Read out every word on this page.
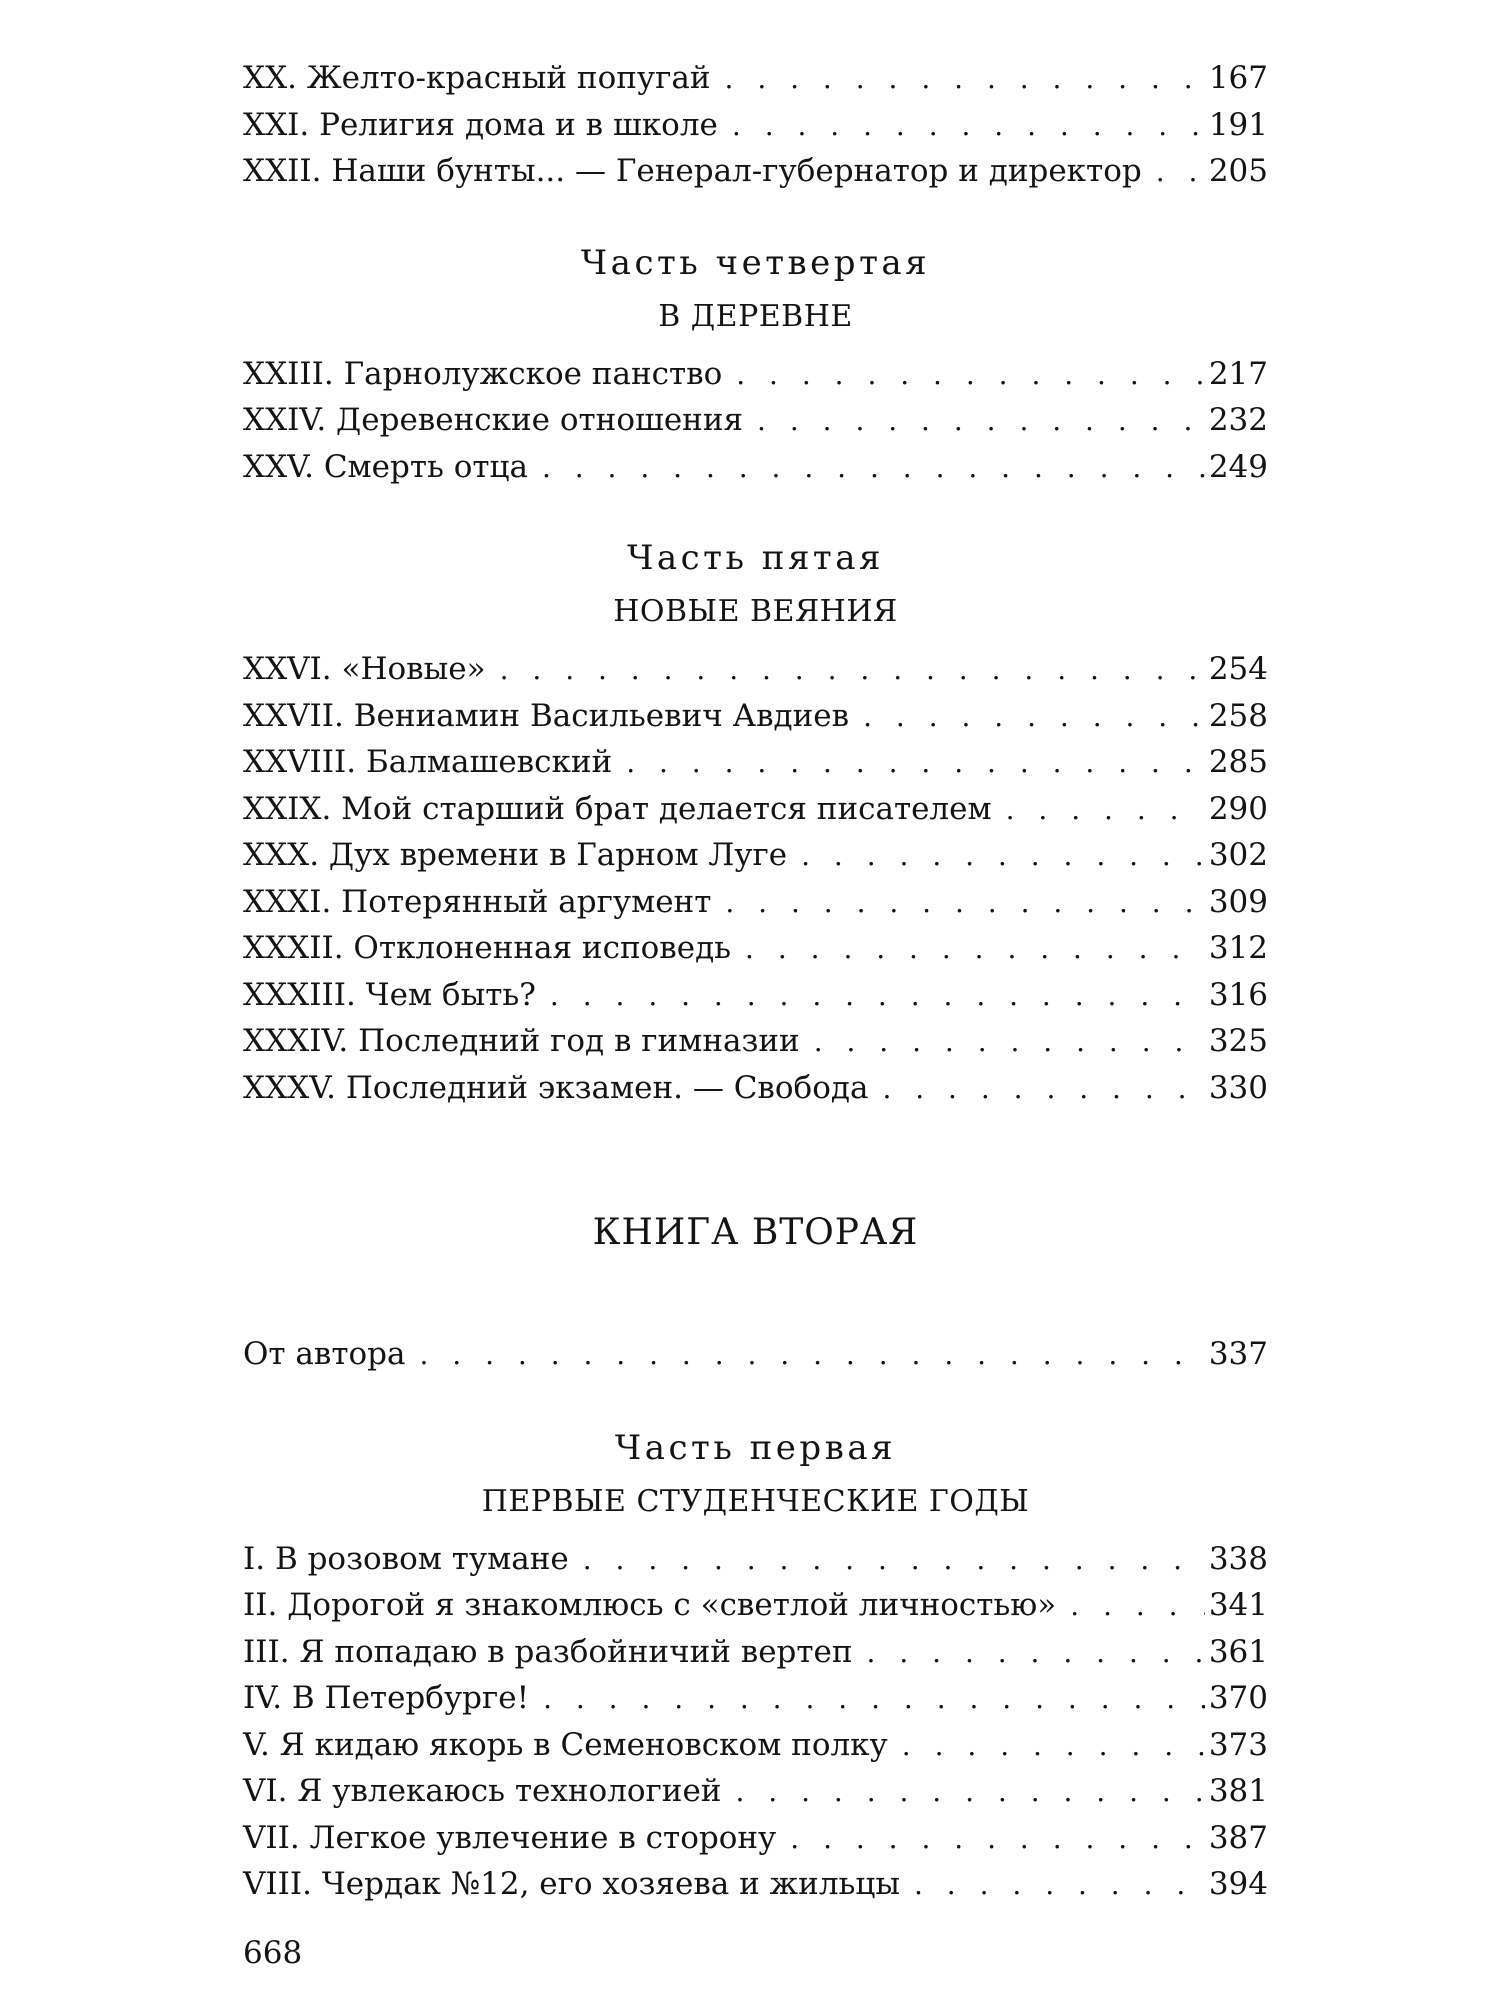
XX. Желто-красный попугай . . .	167
XXI. Религия дома и в школе . . .	191
XXII. Наши бунты... — Генерал-губернатор и директор . . .	205
Часть четвертая
В ДЕРЕВНЕ
XXIII. Гарнолужское панство . . .	217
XXIV. Деревенские отношения . . .	232
XXV. Смерть отца . . .	249
Часть пятая
НОВЫЕ ВЕЯНИЯ
XXVI. «Новые» . . .	254
XXVII. Вениамин Васильевич Авдиев . . .	258
XXVIII. Балмашевский . . .	285
XXIX. Мой старший брат делается писателем . . .	290
XXX. Дух времени в Гарном Луге . . .	302
XXXI. Потерянный аргумент . . .	309
XXXII. Отклоненная исповедь . . .	312
XXXIII. Чем быть? . . .	316
XXXIV. Последний год в гимназии . . .	325
XXXV. Последний экзамен. — Свобода . . .	330
КНИГА ВТОРАЯ
От автора . . .	337
Часть первая
ПЕРВЫЕ СТУДЕНЧЕСКИЕ ГОДЫ
I. В розовом тумане . . .	338
II. Дорогой я знакомлюсь с «светлой личностью» . . .	341
III. Я попадаю в разбойничий вертеп . . .	361
IV. В Петербурге! . . .	370
V. Я кидаю якорь в Семеновском полку . . .	373
VI. Я увлекаюсь технологией . . .	381
VII. Легкое увлечение в сторону . . .	387
VIII. Чердак №12, его хозяева и жильцы . . .	394
668
